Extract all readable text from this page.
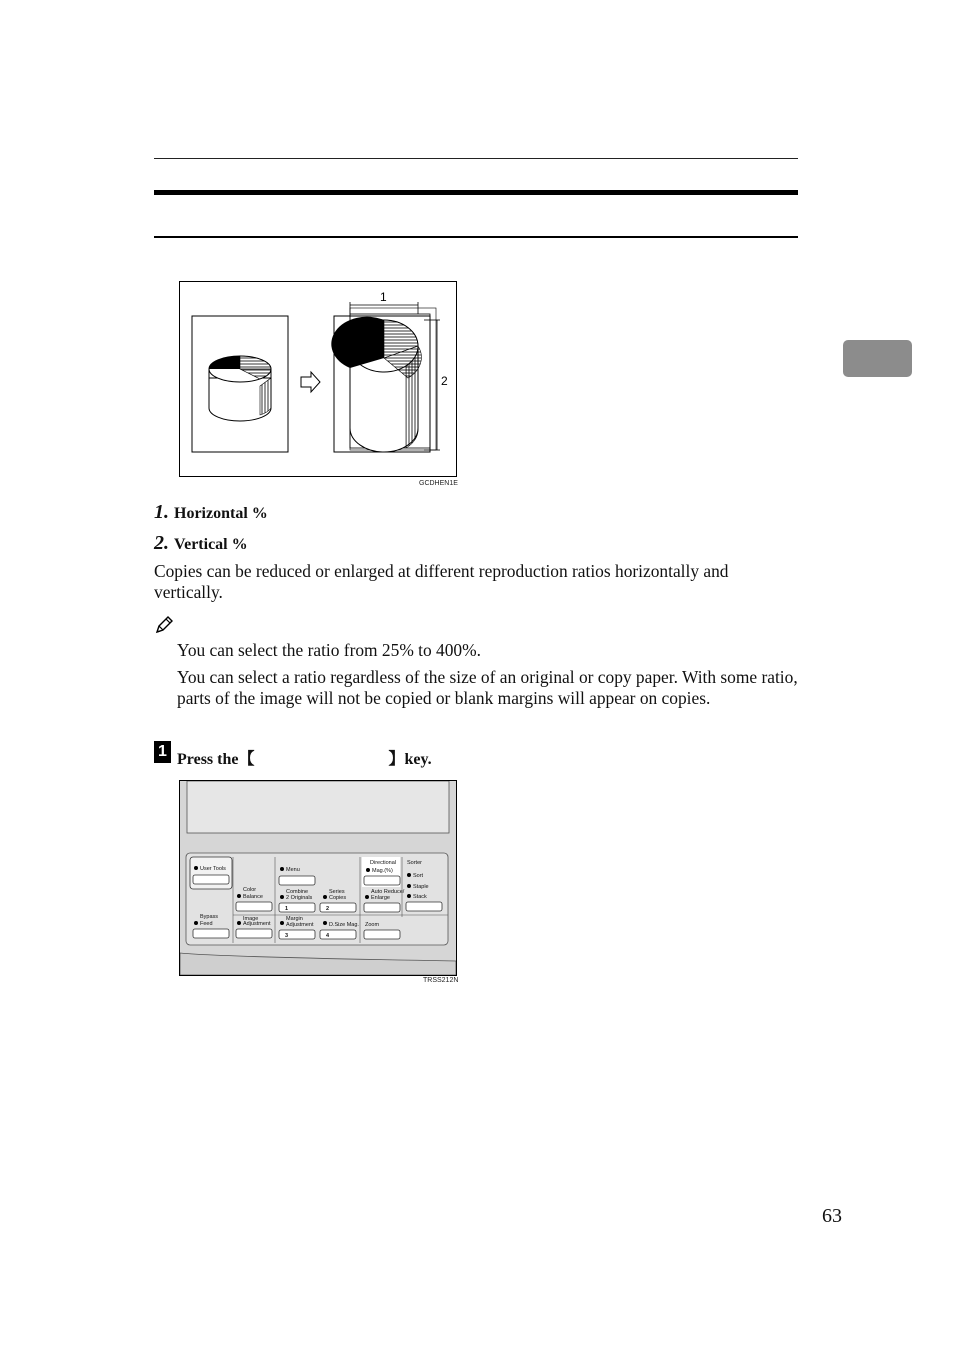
1
2
GCDHEN1E
1. Horizontal %
2. Vertical %
Copies can be reduced or enlarged at different reproduction ratios horizontally and vertically.
You can select the ratio from 25% to 400%.
You can select a ratio regardless of the size of an original or copy paper. With some ratio, parts of the image will not be copied or blank margins will appear on copies.
1 Press the【	】key.
User Tools
Bypass
Feed
Color
Balance
Image
Adjustment
Menu
Combine
2 Originals
1
Series
Copies
2
Margin
Adjustment
3
D.Size Mag.
4
Directional
Mag.(%)
Auto Reduce/
Enlarge
Zoom
Sorter
Sort
Staple
Stack
TRSS212N
63
